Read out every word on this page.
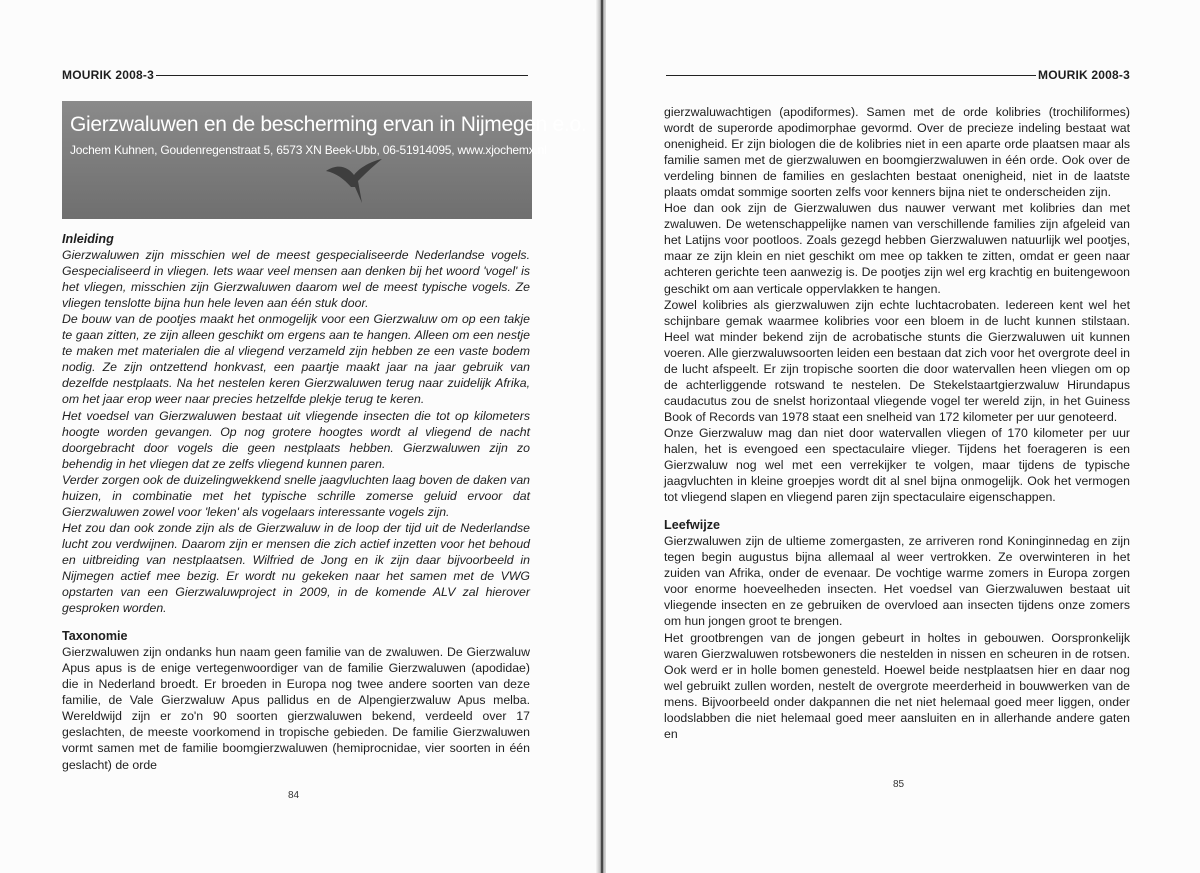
MOURIK 2008-3
Gierzwaluwen en de bescherming ervan in Nijmegen e.o.
Jochem Kuhnen, Goudenregenstraat 5, 6573 XN Beek-Ubb, 06-51914095, www.xjochemx.nl

Inleiding

Gierzwaluwen zijn misschien wel de meest gespecialiseerde Nederlandse vogels. Gespecialiseerd in vliegen. Iets waar veel mensen aan denken bij het woord 'vogel' is het vliegen, misschien zijn Gierzwaluwen daarom wel de meest typische vogels. Ze vliegen tenslotte bijna hun hele leven aan één stuk door.

De bouw van de pootjes maakt het onmogelijk voor een Gierzwaluw om op een takje te gaan zitten, ze zijn alleen geschikt om ergens aan te hangen. Alleen om een nestje te maken met materialen die al vliegend verzameld zijn hebben ze een vaste bodem nodig. Ze zijn ontzettend honkvast, een paartje maakt jaar na jaar gebruik van dezelfde nestplaats. Na het nestelen keren Gierzwaluwen terug naar zuidelijk Afrika, om het jaar erop weer naar precies hetzelfde plekje terug te keren.

Het voedsel van Gierzwaluwen bestaat uit vliegende insecten die tot op kilometers hoogte worden gevangen. Op nog grotere hoogtes wordt al vliegend de nacht doorgebracht door vogels die geen nestplaats hebben. Gierzwaluwen zijn zo behendig in het vliegen dat ze zelfs vliegend kunnen paren.

Verder zorgen ook de duizelingwekkend snelle jaagvluchten laag boven de daken van huizen, in combinatie met het typische schrille zomerse geluid ervoor dat Gierzwaluwen zowel voor 'leken' als vogelaars interessante vogels zijn.

Het zou dan ook zonde zijn als de Gierzwaluw in de loop der tijd uit de Nederlandse lucht zou verdwijnen. Daarom zijn er mensen die zich actief inzetten voor het behoud en uitbreiding van nestplaatsen. Wilfried de Jong en ik zijn daar bijvoorbeeld in Nijmegen actief mee bezig. Er wordt nu gekeken naar het samen met de VWG opstarten van een Gierzwaluwproject in 2009, in de komende ALV zal hierover gesproken worden.

Taxonomie

Gierzwaluwen zijn ondanks hun naam geen familie van de zwaluwen. De Gierzwaluw Apus apus is de enige vertegenwoordiger van de familie Gierzwaluwen (apodidae) die in Nederland broedt. Er broeden in Europa nog twee andere soorten van deze familie, de Vale Gierzwaluw Apus pallidus en de Alpengierzwaluw Apus melba. Wereldwijd zijn er zo'n 90 soorten gierzwaluwen bekend, verdeeld over 17 geslachten, de meeste voorkomend in tropische gebieden. De familie Gierzwaluwen vormt samen met de familie boomgierzwaluwen (hemiprocnidae, vier soorten in één geslacht) de orde

84
MOURIK 2008-3

gierzwaluwachtigen (apodiformes). Samen met de orde kolibries (trochiliformes) wordt de superorde apodimorphae gevormd. Over de precieze indeling bestaat wat onenigheid. Er zijn biologen die de kolibries niet in een aparte orde plaatsen maar als familie samen met de gierzwaluwen en boomgierzwaluwen in één orde. Ook over de verdeling binnen de families en geslachten bestaat onenigheid, niet in de laatste plaats omdat sommige soorten zelfs voor kenners bijna niet te onderscheiden zijn.

Hoe dan ook zijn de Gierzwaluwen dus nauwer verwant met kolibries dan met zwaluwen. De wetenschappelijke namen van verschillende families zijn afgeleid van het Latijns voor pootloos. Zoals gezegd hebben Gierzwaluwen natuurlijk wel pootjes, maar ze zijn klein en niet geschikt om mee op takken te zitten, omdat er geen naar achteren gerichte teen aanwezig is. De pootjes zijn wel erg krachtig en buitengewoon geschikt om aan verticale oppervlakken te hangen.

Zowel kolibries als gierzwaluwen zijn echte luchtacrobaten. Iedereen kent wel het schijnbare gemak waarmee kolibries voor een bloem in de lucht kunnen stilstaan. Heel wat minder bekend zijn de acrobatische stunts die Gierzwaluwen uit kunnen voeren. Alle gierzwaluwsoorten leiden een bestaan dat zich voor het overgrote deel in de lucht afspeelt. Er zijn tropische soorten die door watervallen heen vliegen om op de achterliggende rotswand te nestelen. De Stekelstaartgierzwaluw Hirundapus caudacutus zou de snelst horizontaal vliegende vogel ter wereld zijn, in het Guiness Book of Records van 1978 staat een snelheid van 172 kilometer per uur genoteerd.

Onze Gierzwaluw mag dan niet door watervallen vliegen of 170 kilometer per uur halen, het is evengoed een spectaculaire vlieger. Tijdens het foerageren is een Gierzwaluw nog wel met een verrekijker te volgen, maar tijdens de typische jaagvluchten in kleine groepjes wordt dit al snel bijna onmogelijk. Ook het vermogen tot vliegend slapen en vliegend paren zijn spectaculaire eigenschappen.

Leefwijze

Gierzwaluwen zijn de ultieme zomergasten, ze arriveren rond Koninginnedag en zijn tegen begin augustus bijna allemaal al weer vertrokken. Ze overwinteren in het zuiden van Afrika, onder de evenaar. De vochtige warme zomers in Europa zorgen voor enorme hoeveelheden insecten. Het voedsel van Gierzwaluwen bestaat uit vliegende insecten en ze gebruiken de overvloed aan insecten tijdens onze zomers om hun jongen groot te brengen.

Het grootbrengen van de jongen gebeurt in holtes in gebouwen. Oorspronkelijk waren Gierzwaluwen rotsbewoners die nestelden in nissen en scheuren in de rotsen. Ook werd er in holle bomen genesteld. Hoewel beide nestplaatsen hier en daar nog wel gebruikt zullen worden, nestelt de overgrote meerderheid in bouwwerken van de mens. Bijvoorbeeld onder dakpannen die net niet helemaal goed meer liggen, onder loodslabben die niet helemaal goed meer aansluiten en in allerhande andere gaten en

85
